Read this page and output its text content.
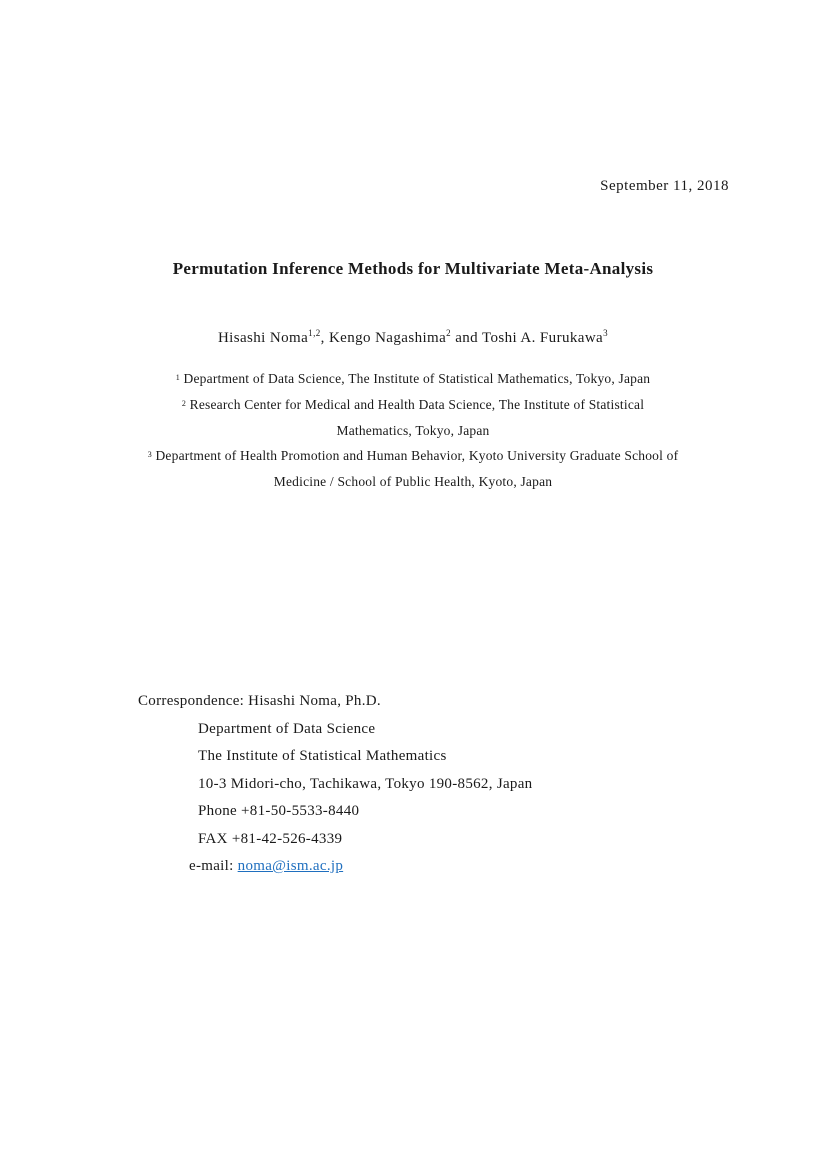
September 11, 2018
Permutation Inference Methods for Multivariate Meta-Analysis
Hisashi Noma$^{1,2}$, Kengo Nagashima$^2$ and Toshi A. Furukawa$^3$
$^1$ Department of Data Science, The Institute of Statistical Mathematics, Tokyo, Japan
$^2$ Research Center for Medical and Health Data Science, The Institute of Statistical
Mathematics, Tokyo, Japan
$^3$ Department of Health Promotion and Human Behavior, Kyoto University Graduate School of
Medicine / School of Public Health, Kyoto, Japan
Correspondence: Hisashi Noma, Ph.D.
Department of Data Science
The Institute of Statistical Mathematics
10-3 Midori-cho, Tachikawa, Tokyo 190-8562, Japan
Phone +81-50-5533-8440
FAX +81-42-526-4339
e-mail: noma@ism.ac.jp
